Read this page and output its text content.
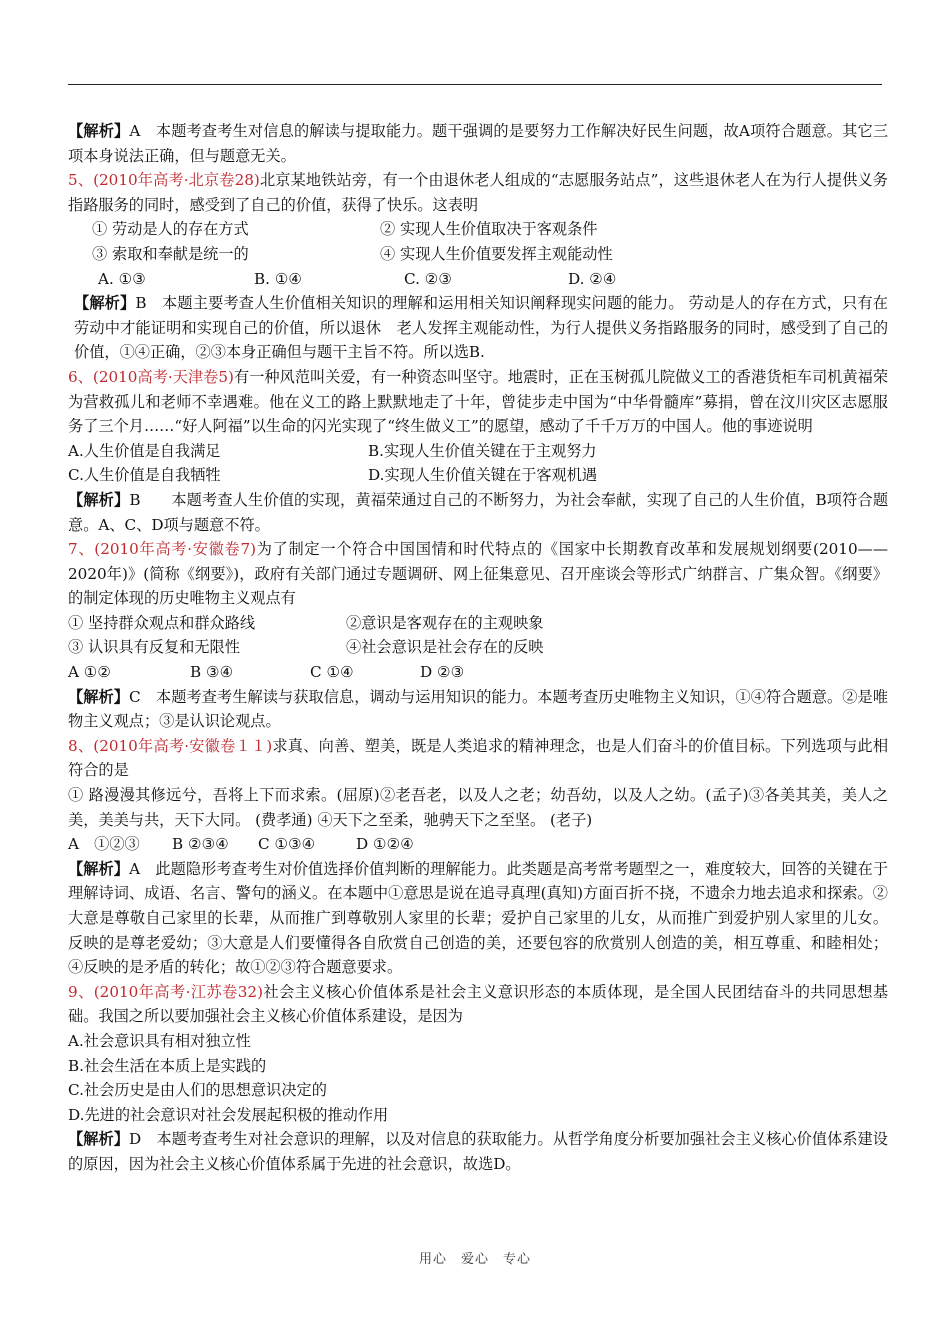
【解析】A　本题考查考生对信息的解读与提取能力。题干强调的是要努力工作解决好民生问题，故A项符合题意。其它三项本身说法正确，但与题意无关。

5、(2010年高考·北京卷28)北京某地铁站旁，有一个由退休老人组成的“志愿服务站点”，这些退休老人在为行人提供义务指路服务的同时，感受到了自己的价值，获得了快乐。这表明

① 劳动是人的存在方式	② 实现人生价值取决于客观条件
③ 索取和奉献是统一的	④ 实现人生价值要发挥主观能动性
A. ①③	B. ①④	C. ②③	D. ②④

【解析】B　本题主要考查人生价值相关知识的理解和运用相关知识阐释现实问题的能力。 劳动是人的存在方式，只有在劳动中才能证明和实现自己的价值，所以退休　老人发挥主观能动性，为行人提供义务指路服务的同时，感受到了自己的价值，①④正确，②③本身正确但与题干主旨不符。所以选B.

6、(2010高考·天津卷5)有一种风范叫关爱，有一种资态叫坚守。地震时，正在玉树孤儿院做义工的香港货柜车司机黄福荣为营救孤儿和老师不幸遇难。他在义工的路上默默地走了十年，曾徒步走中国为“中华骨髓库”募捐，曾在汶川灾区志愿服务了三个月……“好人阿福”以生命的闪光实现了“终生做义工”的愿望，感动了千千万万的中国人。他的事迹说明

A.人生价值是自我满足	B.实现人生价值关键在于主观努力
C.人生价值是自我牺牲	D.实现人生价值关键在于客观机遇

【解析】B　　本题考查人生价值的实现，黄福荣通过自己的不断努力，为社会奉献，实现了自己的人生价值，B项符合题意。A、C、D项与题意不符。

7、(2010年高考·安徽卷7)为了制定一个符合中国国情和时代特点的《国家中长期教育改革和发展规划纲要(2010——2020年)》(简称《纲要》)，政府有关部门通过专题调研、网上征集意见、召开座谈会等形式广纳群言、广集众智。《纲要》的制定体现的历史唯物主义观点有

① 坚持群众观点和群众路线	②意识是客观存在的主观映象
③ 认识具有反复和无限性	④社会意识是社会存在的反映
A ①②	B ③④	C ①④	D ②③

【解析】C　本题考查考生解读与获取信息，调动与运用知识的能力。本题考查历史唯物主义知识，①④符合题意。②是唯物主义观点；③是认识论观点。

8、(2010年高考·安徽卷１１)求真、向善、塑美，既是人类追求的精神理念，也是人们奋斗的价值目标。下列选项与此相符合的是

① 路漫漫其修远兮，吾将上下而求索。(屈原)②老吾老，以及人之老；幼吾幼，以及人之幼。(孟子)③各美其美，美人之美，美美与共，天下大同。 (费孝通) ④天下之至柔，驰骋天下之至坚。 (老子)

A　①②③	B ②③④	C ①③④	D ①②④

【解析】A　此题隐形考查考生对价值选择价值判断的理解能力。此类题是高考常考题型之一，难度较大，回答的关键在于理解诗词、成语、名言、警句的涵义。在本题中①意思是说在追寻真理(真知)方面百折不挠，不遗余力地去追求和探索。②大意是尊敬自己家里的长辈，从而推广到尊敬别人家里的长辈；爱护自己家里的儿女，从而推广到爱护别人家里的儿女。反映的是尊老爱幼；③大意是人们要懂得各自欣赏自己创造的美，还要包容的欣赏别人创造的美，相互尊重、和睦相处；④反映的是矛盾的转化；故①②③符合题意要求。

9、(2010年高考·江苏卷32)社会主义核心价值体系是社会主义意识形态的本质体现，是全国人民团结奋斗的共同思想基础。我国之所以要加强社会主义核心价值体系建设，是因为

A.社会意识具有相对独立性

B.社会生活在本质上是实践的

C.社会历史是由人们的思想意识决定的

D.先进的社会意识对社会发展起积极的推动作用

【解析】D　本题考查考生对社会意识的理解，以及对信息的获取能力。从哲学角度分析要加强社会主义核心价值体系建设的原因，因为社会主义核心价值体系属于先进的社会意识，故选D。

用心 爱心 专心
